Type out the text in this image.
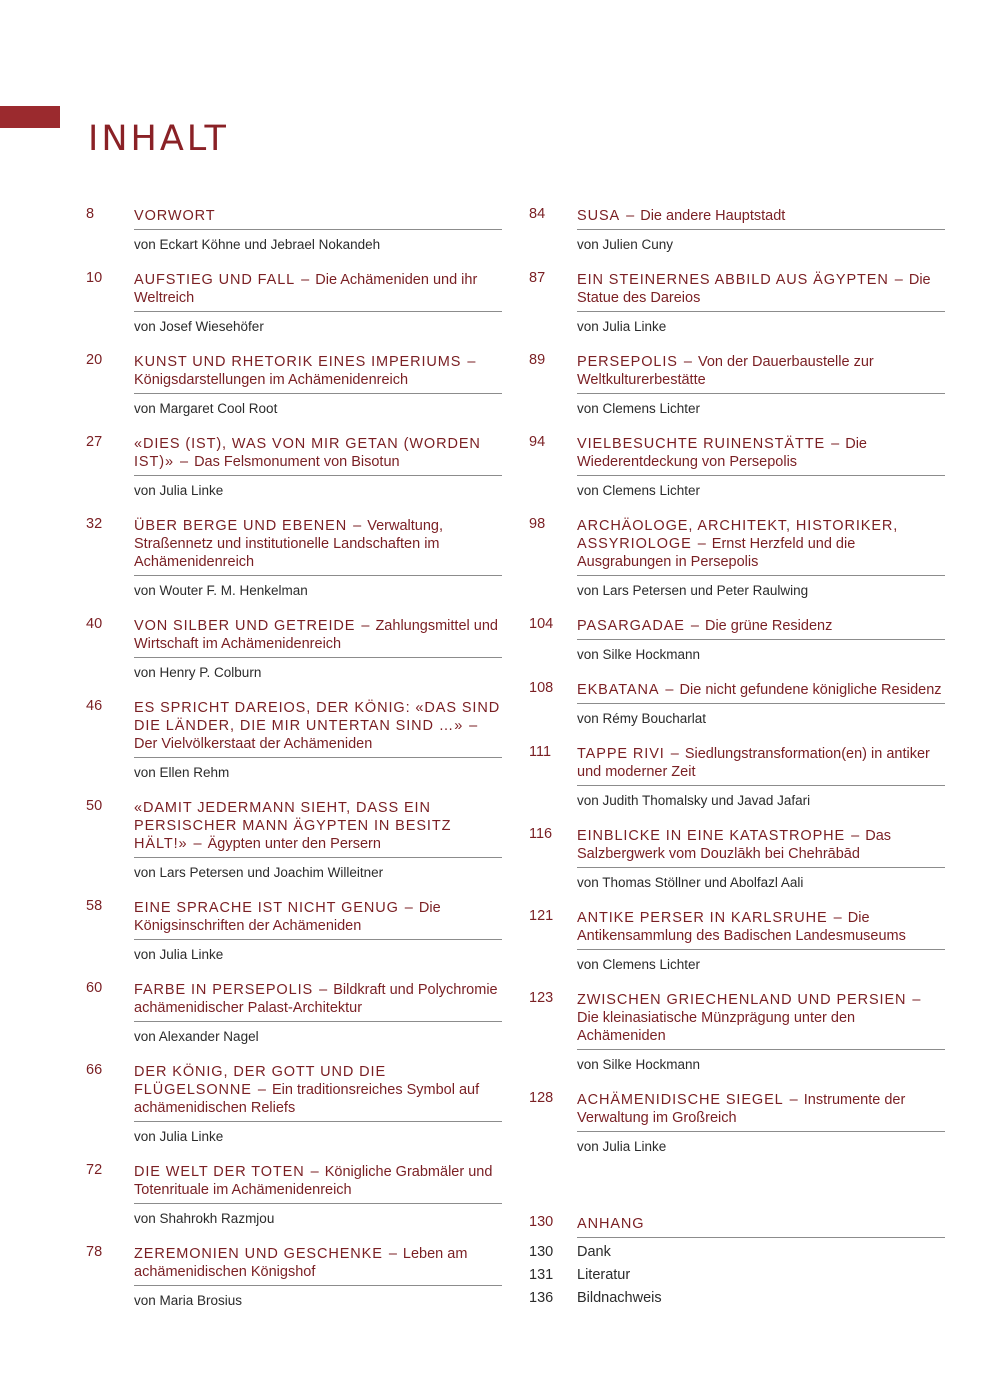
INHALT
8	VORWORT
von Eckart Köhne und Jebrael Nokandeh
10	AUFSTIEG UND FALL – Die Achämeniden und ihr Weltreich
von Josef Wiesehöfer
20	KUNST UND RHETORIK EINES IMPERIUMS – Königsdarstellungen im Achämenidenreich
von Margaret Cool Root
27	«DIES (IST), WAS VON MIR GETAN (WORDEN IST)» – Das Felsmonument von Bisotun
von Julia Linke
32	ÜBER BERGE UND EBENEN – Verwaltung, Straßennetz und institutionelle Landschaften im Achämenidenreich
von Wouter F. M. Henkelman
40	VON SILBER UND GETREIDE – Zahlungsmittel und Wirtschaft im Achämenidenreich
von Henry P. Colburn
46	ES SPRICHT DAREIOS, DER KÖNIG: «DAS SIND DIE LÄNDER, DIE MIR UNTERTAN SIND …» – Der Vielvölkerstaat der Achämeniden
von Ellen Rehm
50	«DAMIT JEDERMANN SIEHT, DASS EIN PERSISCHER MANN ÄGYPTEN IN BESITZ HÄLT!» – Ägypten unter den Persern
von Lars Petersen und Joachim Willeitner
58	EINE SPRACHE IST NICHT GENUG – Die Königsinschriften der Achämeniden
von Julia Linke
60	FARBE IN PERSEPOLIS – Bildkraft und Polychromie achämenidischer Palast-Architektur
von Alexander Nagel
66	DER KÖNIG, DER GOTT UND DIE FLÜGELSONNE – Ein traditionsreiches Symbol auf achämenidischen Reliefs
von Julia Linke
72	DIE WELT DER TOTEN – Königliche Grabmäler und Totenrituale im Achämenidenreich
von Shahrokh Razmjou
78	ZEREMONIEN UND GESCHENKE – Leben am achämenidischen Königshof
von Maria Brosius
84	SUSA – Die andere Hauptstadt
von Julien Cuny
87	EIN STEINERNES ABBILD AUS ÄGYPTEN – Die Statue des Dareios
von Julia Linke
89	PERSEPOLIS – Von der Dauerbaustelle zur Weltkulturerbestätte
von Clemens Lichter
94	VIELBESUCHTE RUINENSTÄTTE – Die Wiederentdeckung von Persepolis
von Clemens Lichter
98	ARCHÄOLOGE, ARCHITEKT, HISTORIKER, ASSYRIOLOGE – Ernst Herzfeld und die Ausgrabungen in Persepolis
von Lars Petersen und Peter Raulwing
104	PASARGADAE – Die grüne Residenz
von Silke Hockmann
108	EKBATANA – Die nicht gefundene königliche Residenz
von Rémy Boucharlat
111	TAPPE RIVI – Siedlungstransformation(en) in antiker und moderner Zeit
von Judith Thomalsky und Javad Jafari
116	EINBLICKE IN EINE KATASTROPHE – Das Salzbergwerk vom Douzlākh bei Chehrābād
von Thomas Stöllner und Abolfazl Aali
121	ANTIKE PERSER IN KARLSRUHE – Die Antikensammlung des Badischen Landesmuseums
von Clemens Lichter
123	ZWISCHEN GRIECHENLAND UND PERSIEN – Die kleinasiatische Münzprägung unter den Achämeniden
von Silke Hockmann
128	ACHÄMENIDISCHE SIEGEL – Instrumente der Verwaltung im Großreich
von Julia Linke
130	ANHANG
130	Dank
131	Literatur
136	Bildnachweis
